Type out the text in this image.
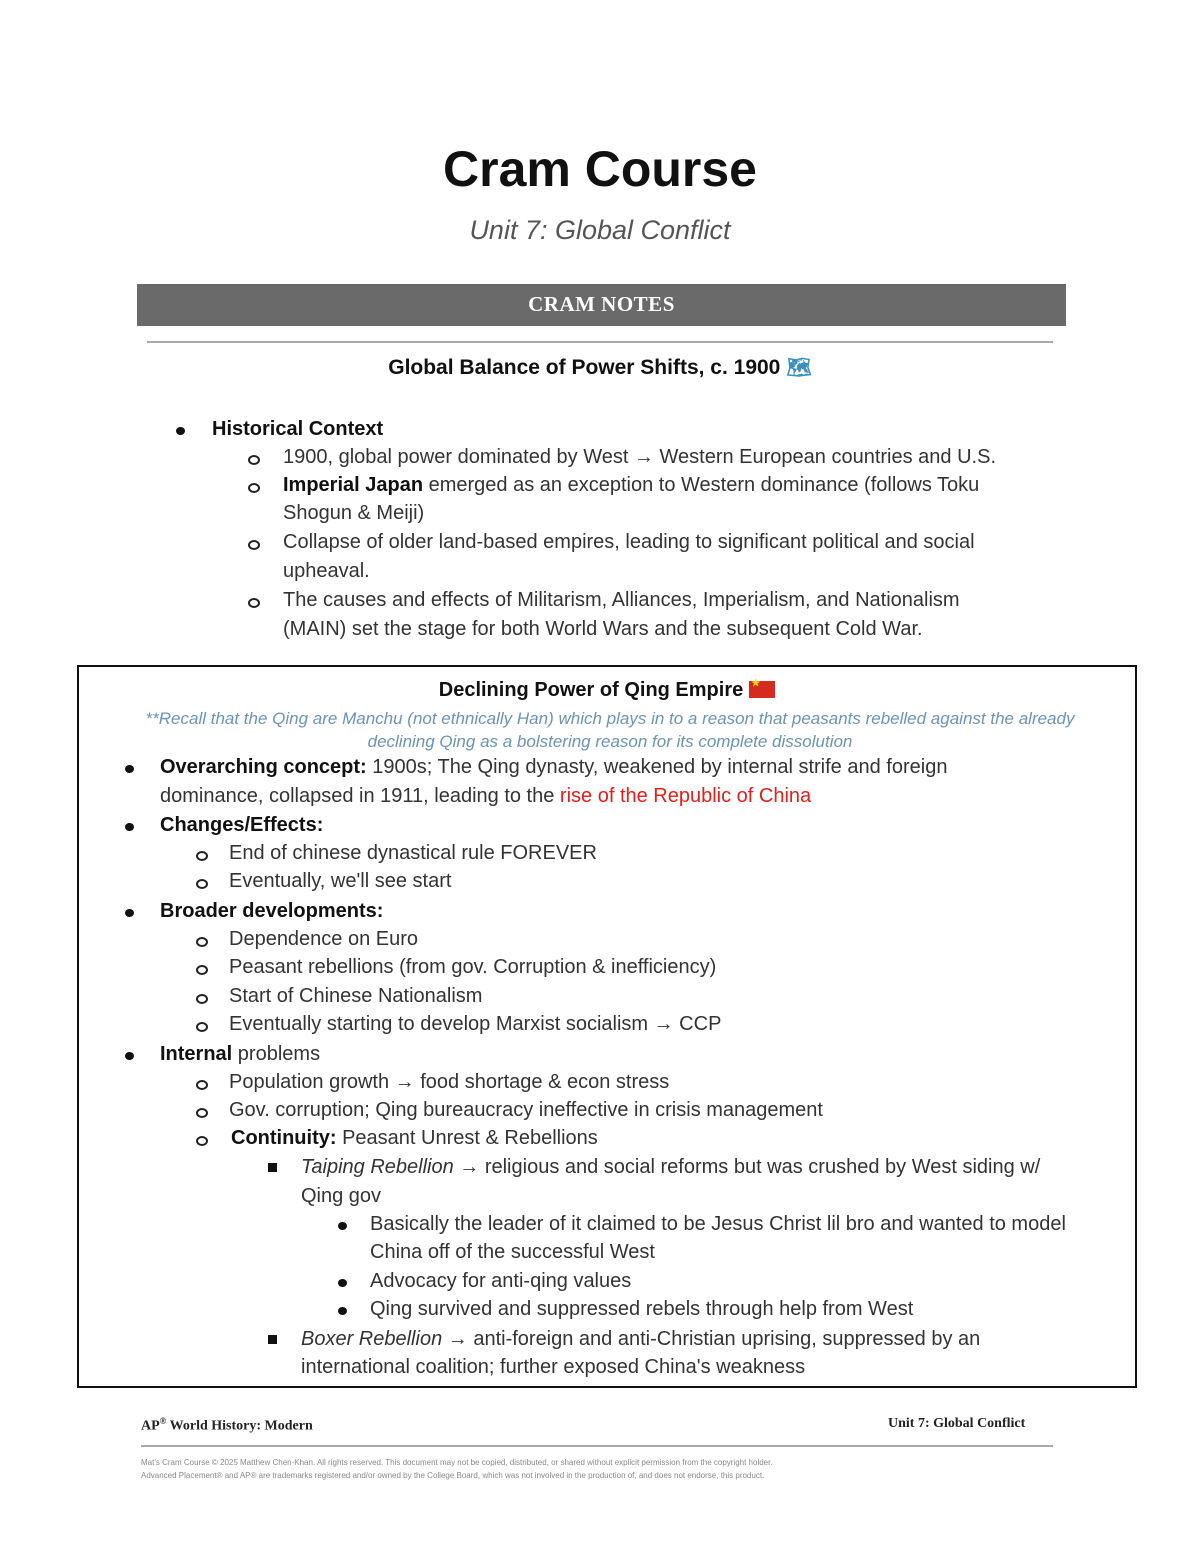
Cram Course
Unit 7: Global Conflict
CRAM NOTES
Global Balance of Power Shifts, c. 1900 🗺
Historical Context
1900, global power dominated by West → Western European countries and U.S.
Imperial Japan emerged as an exception to Western dominance (follows Toku
Shogun & Meiji)
Collapse of older land-based empires, leading to significant political and social
upheaval.
The causes and effects of Militarism, Alliances, Imperialism, and Nationalism
(MAIN) set the stage for both World Wars and the subsequent Cold War.
Declining Power of Qing Empire★
**Recall that the Qing are Manchu (not ethnically Han) which plays in to a reason that peasants rebelled against the already
declining Qing as a bolstering reason for its complete dissolution
Overarching concept: 1900s; The Qing dynasty, weakened by internal strife and foreign
dominance, collapsed in 1911, leading to the rise of the Republic of China
Changes/Effects:
End of chinese dynastical rule FOREVER
Eventually, we'll see start
Broader developments:
Dependence on Euro
Peasant rebellions (from gov. Corruption & inefficiency)
Start of Chinese Nationalism
Eventually starting to develop Marxist socialism → CCP
Internal problems
Population growth → food shortage & econ stress
Gov. corruption; Qing bureaucracy ineffective in crisis management
Continuity: Peasant Unrest & Rebellions
Taiping Rebellion → religious and social reforms but was crushed by West siding w/
Qing gov
Basically the leader of it claimed to be Jesus Christ lil bro and wanted to model
China off of the successful West
Advocacy for anti-qing values
Qing survived and suppressed rebels through help from West
Boxer Rebellion → anti-foreign and anti-Christian uprising, suppressed by an
international coalition; further exposed China's weakness
AP® World History: Modern	Unit 7: Global Conflict
Mat's Cram Course © 2025 Matthew Chen-Khan. All rights reserved. This document may not be copied, distributed, or shared without explicit permission from the copyright holder.
Advanced Placement® and AP® are trademarks registered and/or owned by the College Board, which was not involved in the production of, and does not endorse, this product.
